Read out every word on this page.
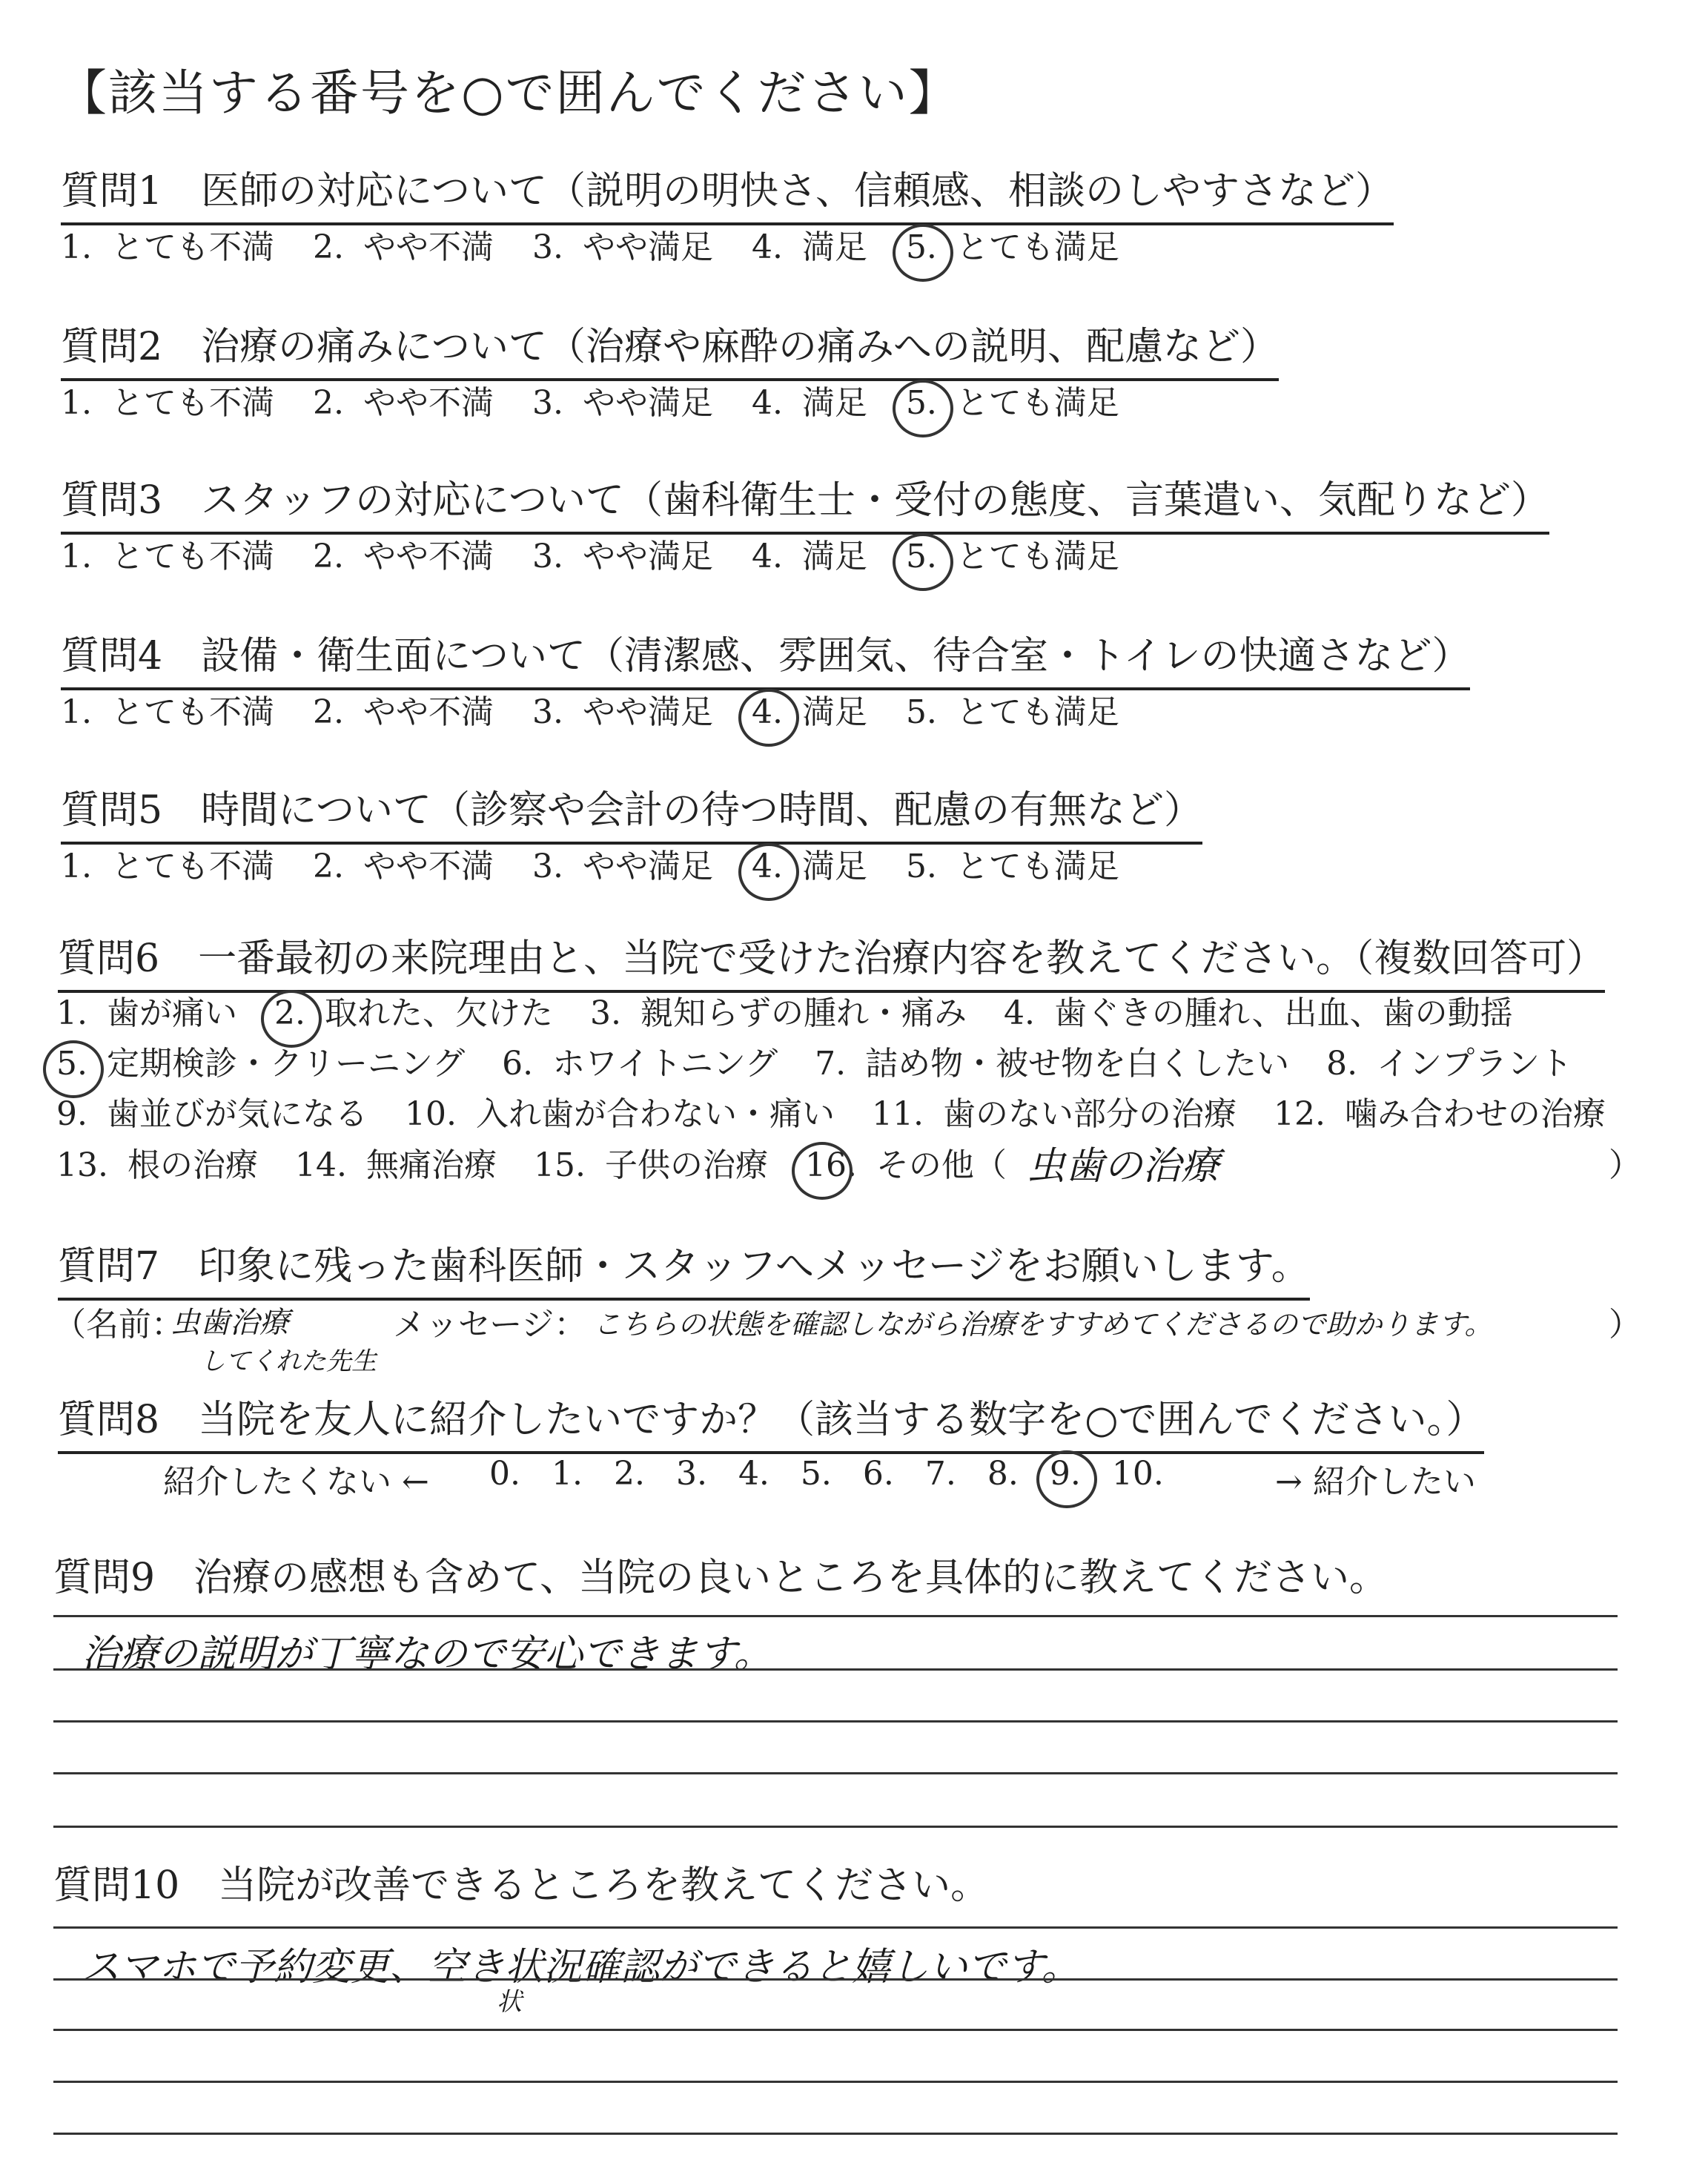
【該当する番号を○で囲んでください】
質問1　医師の対応について（説明の明快さ、信頼感、相談のしやすさなど）
1. とても不満 2. やや不満 3. やや満足 4. 満足 5. とても満足
質問2　治療の痛みについて（治療や麻酔の痛みへの説明、配慮など）
1. とても不満 2. やや不満 3. やや満足 4. 満足 5. とても満足
質問3　スタッフの対応について（歯科衛生士・受付の態度、言葉遣い、気配りなど）
1. とても不満 2. やや不満 3. やや満足 4. 満足 5. とても満足
質問4　設備・衛生面について（清潔感、雰囲気、待合室・トイレの快適さなど）
1. とても不満 2. やや不満 3. やや満足 4. 満足 5. とても満足
質問5　時間について（診察や会計の待つ時間、配慮の有無など）
1. とても不満 2. やや不満 3. やや満足 4. 満足 5. とても満足
質問6　一番最初の来院理由と、当院で受けた治療内容を教えてください。（複数回答可）
1. 歯が痛い 2. 取れた、欠けた 3. 親知らずの腫れ・痛み 4. 歯ぐきの腫れ、出血、歯の動揺
5. 定期検診・クリーニング 6. ホワイトニング 7. 詰め物・被せ物を白くしたい 8. インプラント
9. 歯並びが気になる 10. 入れ歯が合わない・痛い 11. 歯のない部分の治療 12. 噛み合わせの治療
13. 根の治療 14. 無痛治療 15. 子供の治療 16. その他（ 虫歯の治療	）
質問7　印象に残った歯科医師・スタッフへメッセージをお願いします。
（名前：
虫歯治療
してくれた先生
メッセージ： こちらの状態を確認しながら治療をすすめてくださるので助かります。	）
質問8　当院を友人に紹介したいですか？（該当する数字を○で囲んでください。）
紹介したくない ← 0. 1. 2. 3. 4. 5. 6. 7. 8. 9. 10.	→ 紹介したい
質問9　治療の感想も含めて、当院の良いところを具体的に教えてください。
治療の説明が丁寧なので安心できます。
質問10　当院が改善できるところを教えてください。
スマホで予約変更、空き状況確認ができると嬉しいです。
状
